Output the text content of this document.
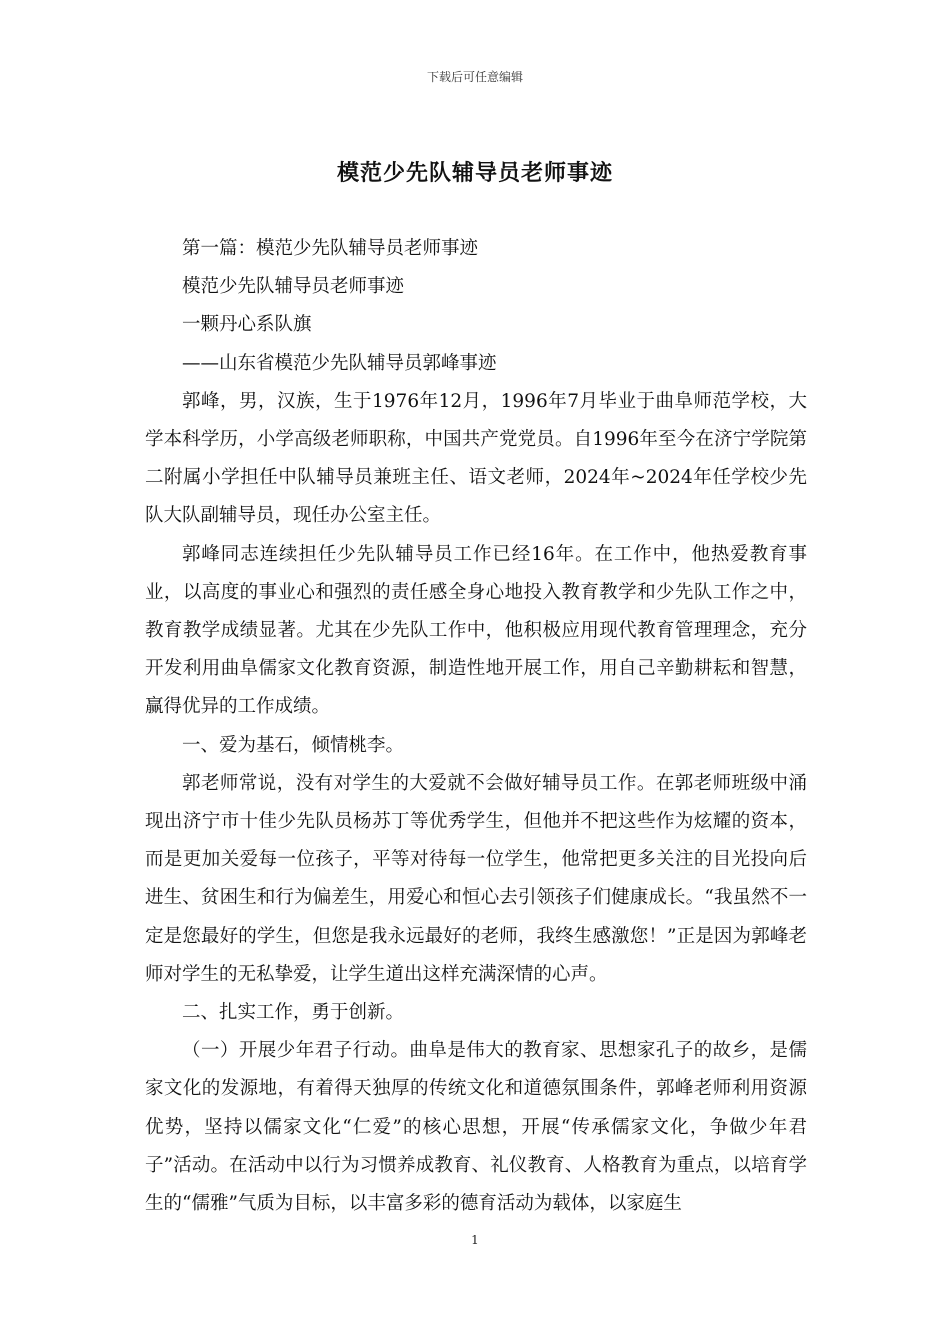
下载后可任意编辑
模范少先队辅导员老师事迹

第一篇：模范少先队辅导员老师事迹

模范少先队辅导员老师事迹

一颗丹心系队旗

——山东省模范少先队辅导员郭峰事迹

郭峰，男，汉族，生于1976年12月，1996年7月毕业于曲阜师范学校，大学本科学历，小学高级老师职称，中国共产党党员。自1996年至今在济宁学院第二附属小学担任中队辅导员兼班主任、语文老师，2024年~2024年任学校少先队大队副辅导员，现任办公室主任。

郭峰同志连续担任少先队辅导员工作已经16年。在工作中，他热爱教育事业，以高度的事业心和强烈的责任感全身心地投入教育教学和少先队工作之中，教育教学成绩显著。尤其在少先队工作中，他积极应用现代教育管理理念，充分开发利用曲阜儒家文化教育资源，制造性地开展工作，用自己辛勤耕耘和智慧，赢得优异的工作成绩。

一、爱为基石，倾情桃李。

郭老师常说，没有对学生的大爱就不会做好辅导员工作。在郭老师班级中涌现出济宁市十佳少先队员杨苏丁等优秀学生，但他并不把这些作为炫耀的资本，而是更加关爱每一位孩子，平等对待每一位学生，他常把更多关注的目光投向后进生、贫困生和行为偏差生，用爱心和恒心去引领孩子们健康成长。“我虽然不一定是您最好的学生，但您是我永远最好的老师，我终生感激您！”正是因为郭峰老师对学生的无私挚爱，让学生道出这样充满深情的心声。

二、扎实工作，勇于创新。

（一）开展少年君子行动。曲阜是伟大的教育家、思想家孔子的故乡，是儒家文化的发源地，有着得天独厚的传统文化和道德氛围条件，郭峰老师利用资源优势，坚持以儒家文化“仁爱”的核心思想，开展“传承儒家文化，争做少年君子”活动。在活动中以行为习惯养成教育、礼仪教育、人格教育为重点，以培育学生的“儒雅”气质为目标，以丰富多彩的德育活动为载体，以家庭生

1
